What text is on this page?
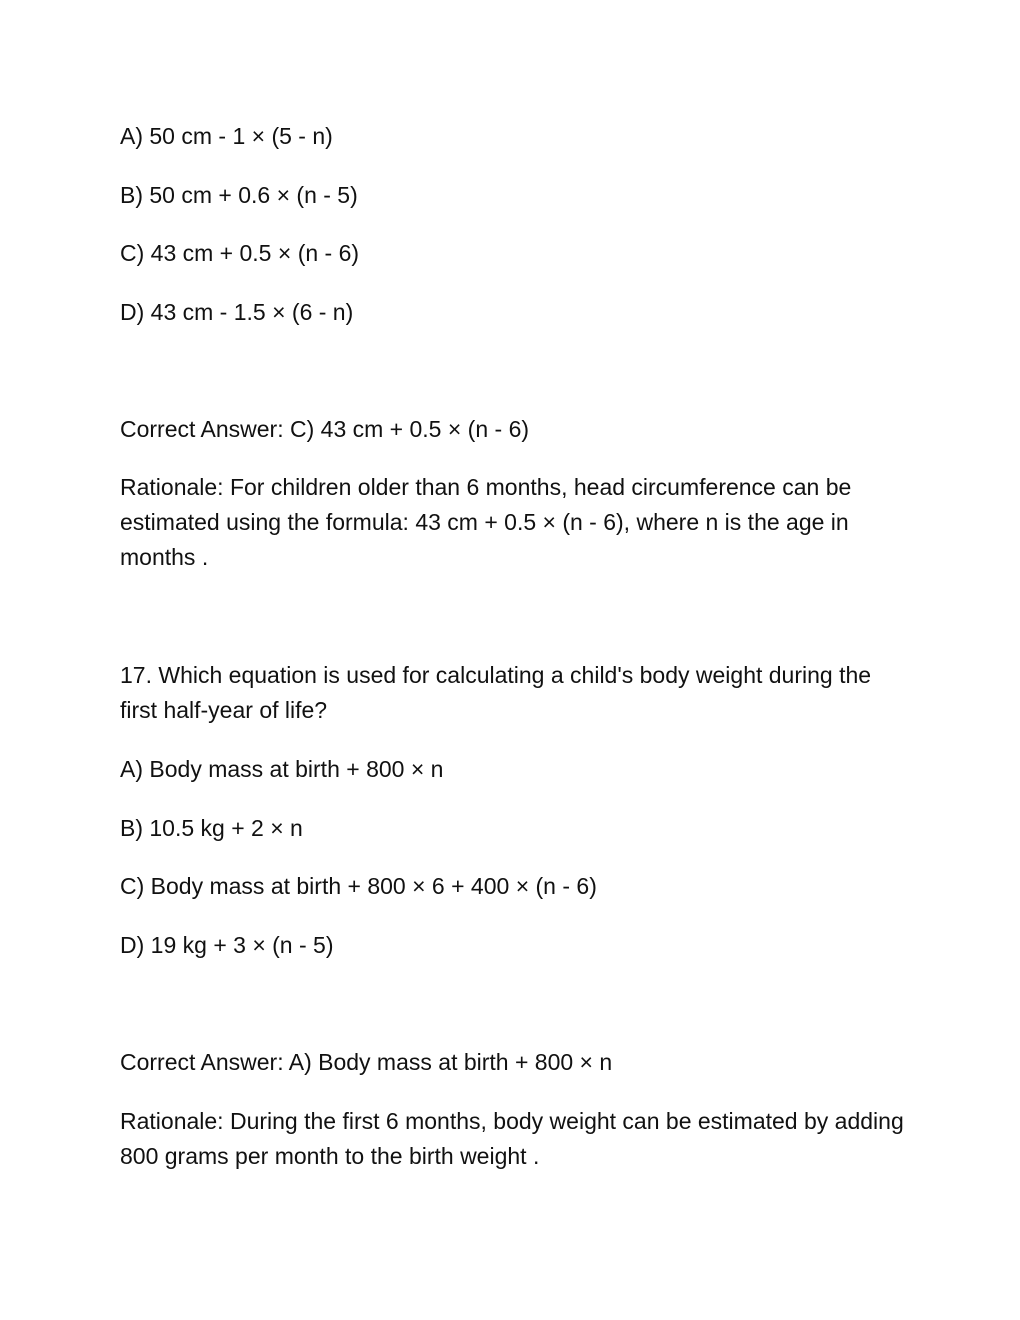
A) 50 cm - 1 × (5 - n)
B) 50 cm + 0.6 × (n - 5)
C) 43 cm + 0.5 × (n - 6)
D) 43 cm - 1.5 × (6 - n)
Correct Answer: C) 43 cm + 0.5 × (n - 6)
Rationale: For children older than 6 months, head circumference can be estimated using the formula: 43 cm + 0.5 × (n - 6), where n is the age in months .
17. Which equation is used for calculating a child's body weight during the first half-year of life?
A) Body mass at birth + 800 × n
B) 10.5 kg + 2 × n
C) Body mass at birth + 800 × 6 + 400 × (n - 6)
D) 19 kg + 3 × (n - 5)
Correct Answer: A) Body mass at birth + 800 × n
Rationale: During the first 6 months, body weight can be estimated by adding 800 grams per month to the birth weight .
